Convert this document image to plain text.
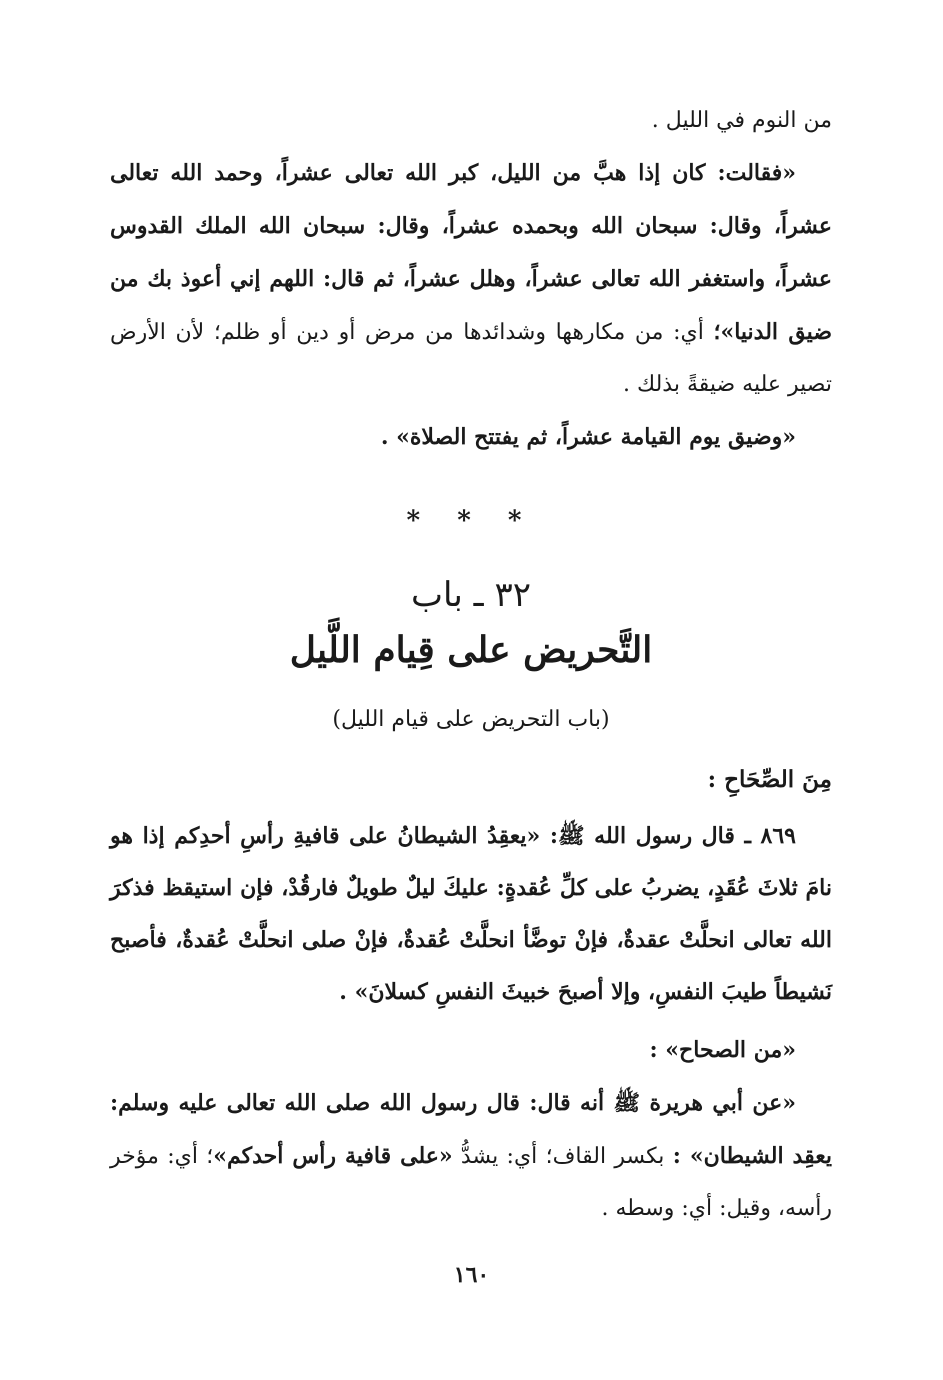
من النوم في الليل .

«فقالت: كان إذا هبَّ من الليل، كبر الله تعالى عشراً، وحمد الله تعالى عشراً، وقال: سبحان الله وبحمده عشراً، وقال: سبحان الله الملك القدوس عشراً، واستغفر الله تعالى عشراً، وهلل عشراً، ثم قال: اللهم إني أعوذ بك من ضيق الدنيا»؛ أي: من مكارهها وشدائدها من مرض أو دين أو ظلم؛ لأن الأرض تصير عليه ضيقةً بذلك .

«وضيق يوم القيامة عشراً، ثم يفتتح الصلاة» .

* * *

٣٢ ـ باب

التَّحريض على قِيام اللَّيل

(باب التحريض على قيام الليل)

مِنَ الصِّحَاحِ :

٨٦٩ ـ قال رسول الله ﷺ: «يعقِدُ الشيطانُ على قافيةِ رأسِ أحدِكم إذا هو نامَ ثلاثَ عُقَدٍ، يضربُ على كلِّ عُقدةٍ: عليكَ ليلٌ طويلٌ فارقُدْ، فإن استيقظ فذكرَ الله تعالى انحلَّتْ عقدةٌ، فإنْ توضَّأ انحلَّتْ عُقدةٌ، فإنْ صلى انحلَّتْ عُقدةٌ، فأصبح نَشيطاً طيبَ النفسِ، وإلا أصبحَ خبيثَ النفسِ كسلانَ» .

«من الصحاح» :

«عن أبي هريرة ﷺ أنه قال: قال رسول الله صلى الله تعالى عليه وسلم: يعقِد الشيطان» : بكسر القاف؛ أي: يشدُّ «على قافية رأس أحدكم»؛ أي: مؤخر رأسه، وقيل: أي: وسطه .

١٦٠
